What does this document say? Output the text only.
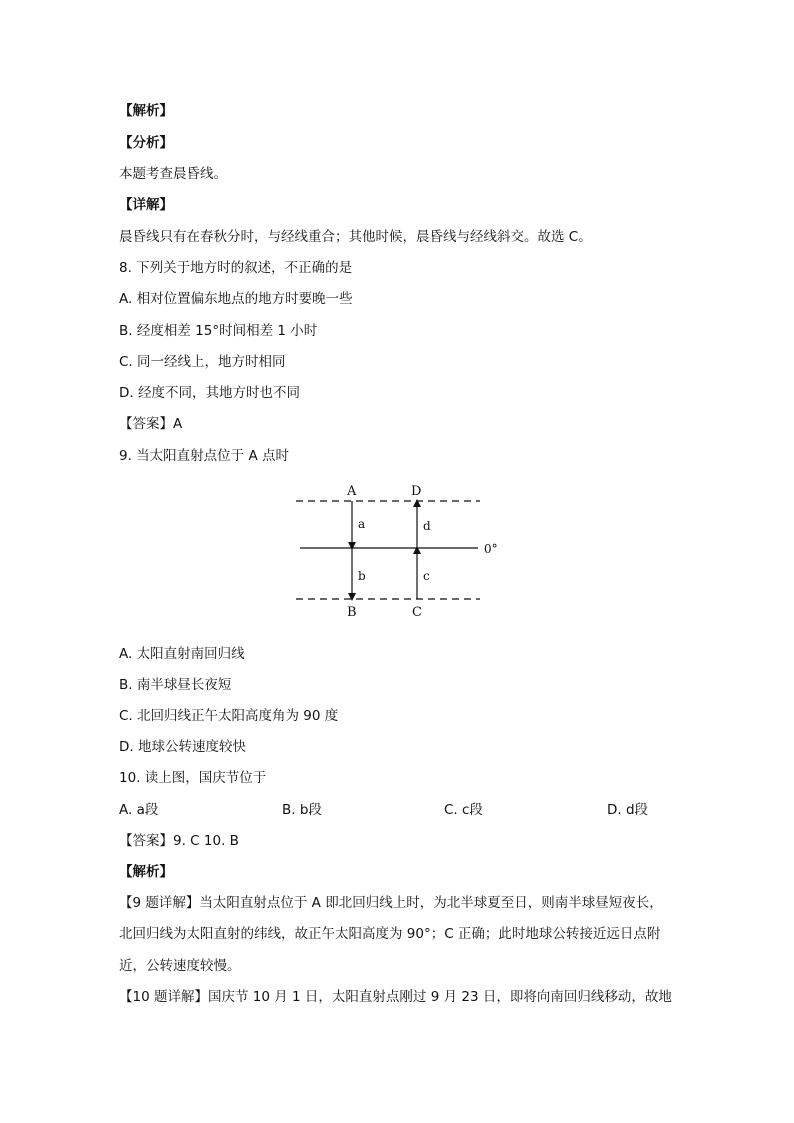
【解析】
【分析】
本题考查晨昏线。
【详解】
晨昏线只有在春秋分时，与经线重合；其他时候，晨昏线与经线斜交。故选 C。
8. 下列关于地方时的叙述，不正确的是
A. 相对位置偏东地点的地方时要晚一些
B. 经度相差 15°时间相差 1 小时
C. 同一经线上，地方时相同
D. 经度不同，其地方时也不同
【答案】A
9. 当太阳直射点位于 A 点时
A	D
B	C
a
b	c
d
0°
A. 太阳直射南回归线
B. 南半球昼长夜短
C. 北回归线正午太阳高度角为 90 度
D. 地球公转速度较快
10. 读上图，国庆节位于
A. a段	B. b段	C. c段	D. d段
【答案】9. C 10. B
【解析】
【9 题详解】当太阳直射点位于 A 即北回归线上时，为北半球夏至日，则南半球昼短夜长，
北回归线为太阳直射的纬线，故正午太阳高度为 90°；C 正确；此时地球公转接近远日点附
近，公转速度较慢。
【10 题详解】国庆节 10 月 1 日，太阳直射点刚过 9 月 23 日，即将向南回归线移动，故地
